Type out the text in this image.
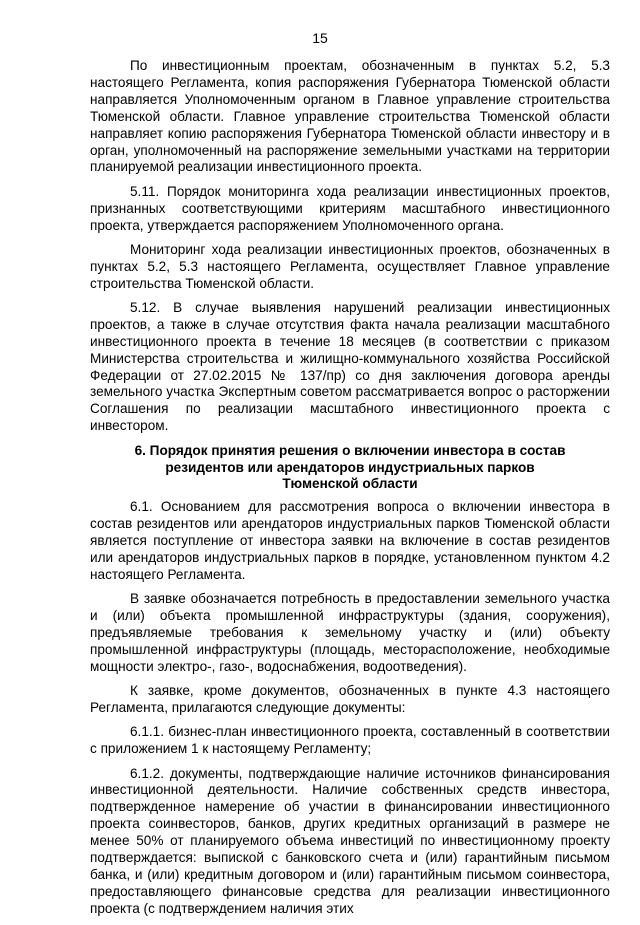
15

По инвестиционным проектам, обозначенным в пунктах 5.2, 5.3 настоящего Регламента, копия распоряжения Губернатора Тюменской области направляется Уполномоченным органом в Главное управление строительства Тюменской области. Главное управление строительства Тюменской области направляет копию распоряжения Губернатора Тюменской области инвестору и в орган, уполномоченный на распоряжение земельными участками на территории планируемой реализации инвестиционного проекта.

5.11. Порядок мониторинга хода реализации инвестиционных проектов, признанных соответствующими критериям масштабного инвестиционного проекта, утверждается распоряжением Уполномоченного органа.

Мониторинг хода реализации инвестиционных проектов, обозначенных в пунктах 5.2, 5.3 настоящего Регламента, осуществляет Главное управление строительства Тюменской области.

5.12. В случае выявления нарушений реализации инвестиционных проектов, а также в случае отсутствия факта начала реализации масштабного инвестиционного проекта в течение 18 месяцев (в соответствии с приказом Министерства строительства и жилищно-коммунального хозяйства Российской Федерации от 27.02.2015 № 137/пр) со дня заключения договора аренды земельного участка Экспертным советом рассматривается вопрос о расторжении Соглашения по реализации масштабного инвестиционного проекта с инвестором.

6. Порядок принятия решения о включении инвестора в состав
резидентов или арендаторов индустриальных парков
Тюменской области

6.1. Основанием для рассмотрения вопроса о включении инвестора в состав резидентов или арендаторов индустриальных парков Тюменской области является поступление от инвестора заявки на включение в состав резидентов или арендаторов индустриальных парков в порядке, установленном пунктом 4.2 настоящего Регламента.

В заявке обозначается потребность в предоставлении земельного участка и (или) объекта промышленной инфраструктуры (здания, сооружения), предъявляемые требования к земельному участку и (или) объекту промышленной инфраструктуры (площадь, месторасположение, необходимые мощности электро-, газо-, водоснабжения, водоотведения).

К заявке, кроме документов, обозначенных в пункте 4.3 настоящего Регламента, прилагаются следующие документы:

6.1.1. бизнес-план инвестиционного проекта, составленный в соответствии с приложением 1 к настоящему Регламенту;

6.1.2. документы, подтверждающие наличие источников финансирования инвестиционной деятельности. Наличие собственных средств инвестора, подтвержденное намерение об участии в финансировании инвестиционного проекта соинвесторов, банков, других кредитных организаций в размере не менее 50% от планируемого объема инвестиций по инвестиционному проекту подтверждается: выпиской с банковского счета и (или) гарантийным письмом банка, и (или) кредитным договором и (или) гарантийным письмом соинвестора, предоставляющего финансовые средства для реализации инвестиционного проекта (с подтверждением наличия этих
